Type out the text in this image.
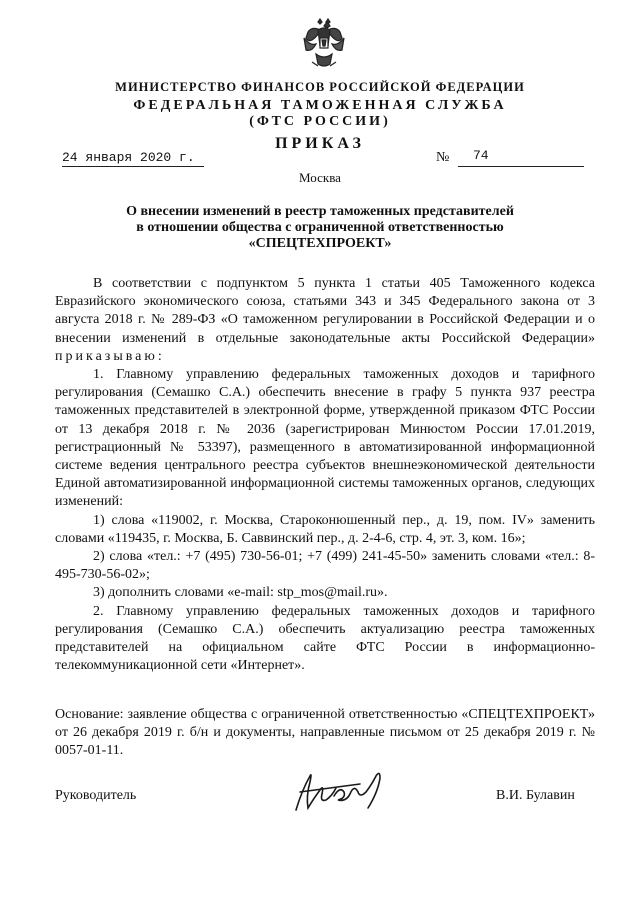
МИНИСТЕРСТВО ФИНАНСОВ РОССИЙСКОЙ ФЕДЕРАЦИИ
ФЕДЕРАЛЬНАЯ ТАМОЖЕННАЯ СЛУЖБА
(ФТС РОССИИ)
ПРИКАЗ
24 января 2020 г.	№ 74
Москва
О внесении изменений в реестр таможенных представителей
в отношении общества с ограниченной ответственностью
«СПЕЦТЕХПРОЕКТ»

В соответствии с подпунктом 5 пункта 1 статьи 405 Таможенного кодекса Евразийского экономического союза, статьями 343 и 345 Федерального закона от 3 августа 2018 г. № 289-ФЗ «О таможенном регулировании в Российской Федерации и о внесении изменений в отдельные законодательные акты Российской Федерации» приказываю:

1. Главному управлению федеральных таможенных доходов и тарифного регулирования (Семашко С.А.) обеспечить внесение в графу 5 пункта 937 реестра таможенных представителей в электронной форме, утвержденной приказом ФТС России от 13 декабря 2018 г. № 2036 (зарегистрирован Минюстом России 17.01.2019, регистрационный № 53397), размещенного в автоматизированной информационной системе ведения центрального реестра субъектов внешнеэкономической деятельности Единой автоматизированной информационной системы таможенных органов, следующих изменений:

1) слова «119002, г. Москва, Староконюшенный пер., д. 19, пом. IV» заменить словами «119435, г. Москва, Б. Саввинский пер., д. 2-4-6, стр. 4, эт. 3, ком. 16»;

2) слова «тел.: +7 (495) 730-56-01; +7 (499) 241-45-50» заменить словами «тел.: 8-495-730-56-02»;

3) дополнить словами «e-mail: stp_mos@mail.ru».

2. Главному управлению федеральных таможенных доходов и тарифного регулирования (Семашко С.А.) обеспечить актуализацию реестра таможенных представителей на официальном сайте ФТС России в информационно-телекоммуникационной сети «Интернет».

Основание: заявление общества с ограниченной ответственностью «СПЕЦТЕХПРОЕКТ» от 26 декабря 2019 г. б/н и документы, направленные письмом от 25 декабря 2019 г. № 0057-01-11.
Руководитель	В.И. Булавин
